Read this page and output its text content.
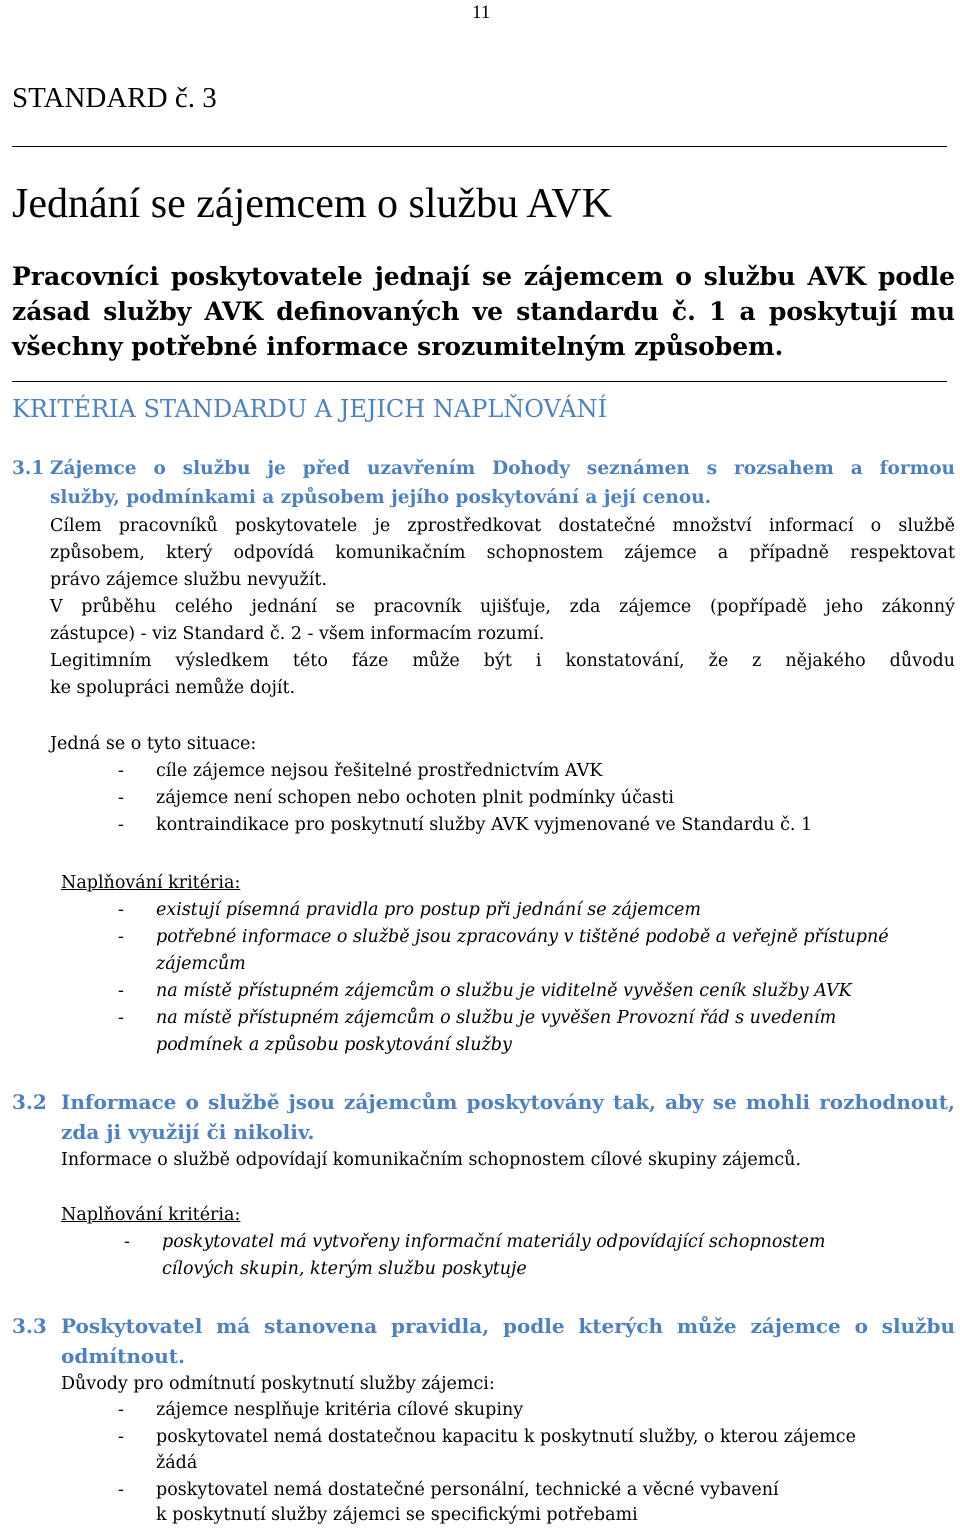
11
STANDARD č. 3
Jednání se zájemcem o službu AVK
Pracovníci poskytovatele jednají se zájemcem o službu AVK podle
zásad služby AVK definovaných ve standardu č. 1 a poskytují mu
všechny potřebné informace srozumitelným způsobem.
KRITÉRIA STANDARDU A JEJICH NAPLŇOVÁNÍ
3.1 Zájemce o službu je před uzavřením Dohody seznámen s rozsahem a formou
služby, podmínkami a způsobem jejího poskytování a její cenou.
Cílem pracovníků poskytovatele je zprostředkovat dostatečné množství informací o službě
způsobem, který odpovídá komunikačním schopnostem zájemce a případně respektovat
právo zájemce službu nevyužít.
V průběhu celého jednání se pracovník ujišťuje, zda zájemce (popřípadě jeho zákonný
zástupce) - viz Standard č. 2 - všem informacím rozumí.
Legitimním výsledkem této fáze může být i konstatování, že z nějakého důvodu
ke spolupráci nemůže dojít.
Jedná se o tyto situace:
- cíle zájemce nejsou řešitelné prostřednictvím AVK
- zájemce není schopen nebo ochoten plnit podmínky účasti
- kontraindikace pro poskytnutí služby AVK vyjmenované ve Standardu č. 1
Naplňování kritéria:
- existují písemná pravidla pro postup při jednání se zájemcem
- potřebné informace o službě jsou zpracovány v tištěné podobě a veřejně přístupné
zájemcům
- na místě přístupném zájemcům o službu je viditelně vyvěšen ceník služby AVK
- na místě přístupném zájemcům o službu je vyvěšen Provozní řád s uvedením
podmínek a způsobu poskytování služby
3.2 Informace o službě jsou zájemcům poskytovány tak, aby se mohli rozhodnout,
zda ji využijí či nikoliv.
Informace o službě odpovídají komunikačním schopnostem cílové skupiny zájemců.
Naplňování kritéria:
- poskytovatel má vytvořeny informační materiály odpovídající schopnostem
cílových skupin, kterým službu poskytuje
3.3 Poskytovatel má stanovena pravidla, podle kterých může zájemce o službu
odmítnout.
Důvody pro odmítnutí poskytnutí služby zájemci:
- zájemce nesplňuje kritéria cílové skupiny
- poskytovatel nemá dostatečnou kapacitu k poskytnutí služby, o kterou zájemce
žádá
- poskytovatel nemá dostatečné personální, technické a věcné vybavení
k poskytnutí služby zájemci se specifickými potřebami
